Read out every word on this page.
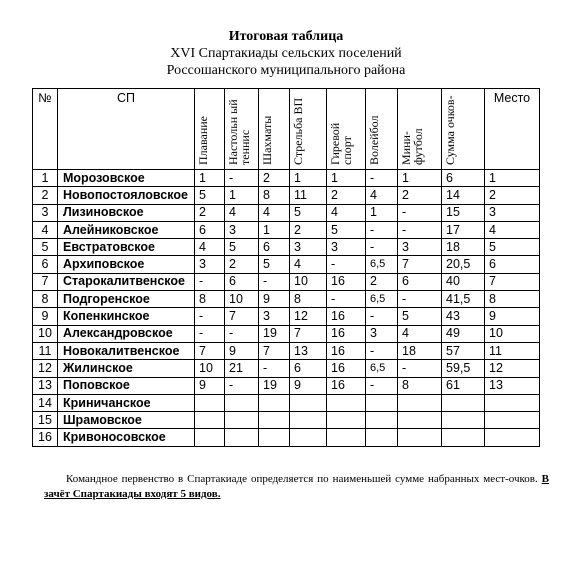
Итоговая таблица
XVI Спартакиады сельских поселений
Россошанского муниципального района
№	СП	Плавание	Настольн ый теннис	Шахматы	Стрельба ВП	Гиревой спорт	Волейбол	Мини-футбол	Сумма очков-	Место
1	Морозовское	1	-	2	1	1	-	1	6	1
2	Новопостояловское	5	1	8	11	2	4	2	14	2
3	Лизиновское	2	4	4	5	4	1	-	15	3
4	Алейниковское	6	3	1	2	5	-	-	17	4
5	Евстратовское	4	5	6	3	3	-	3	18	5
6	Архиповское	3	2	5	4	-	6,5	7	20,5	6
7	Старокалитвенское	-	6	-	10	16	2	6	40	7
8	Подгоренское	8	10	9	8	-	6,5	-	41,5	8
9	Копенкинское	-	7	3	12	16	-	5	43	9
10	Александровское	-	-	19	7	16	3	4	49	10
11	Новокалитвенское	7	9	7	13	16	-	18	57	11
12	Жилинское	10	21	-	6	16	6,5	-	59,5	12
13	Поповское	9	-	19	9	16	-	8	61	13
14	Криничанское									
15	Шрамовское									
16	Кривоносовское									
Командное первенство в Спартакиаде определяется по наименьшей сумме набранных мест-очков. В зачёт Спартакиады входят 5 видов.
